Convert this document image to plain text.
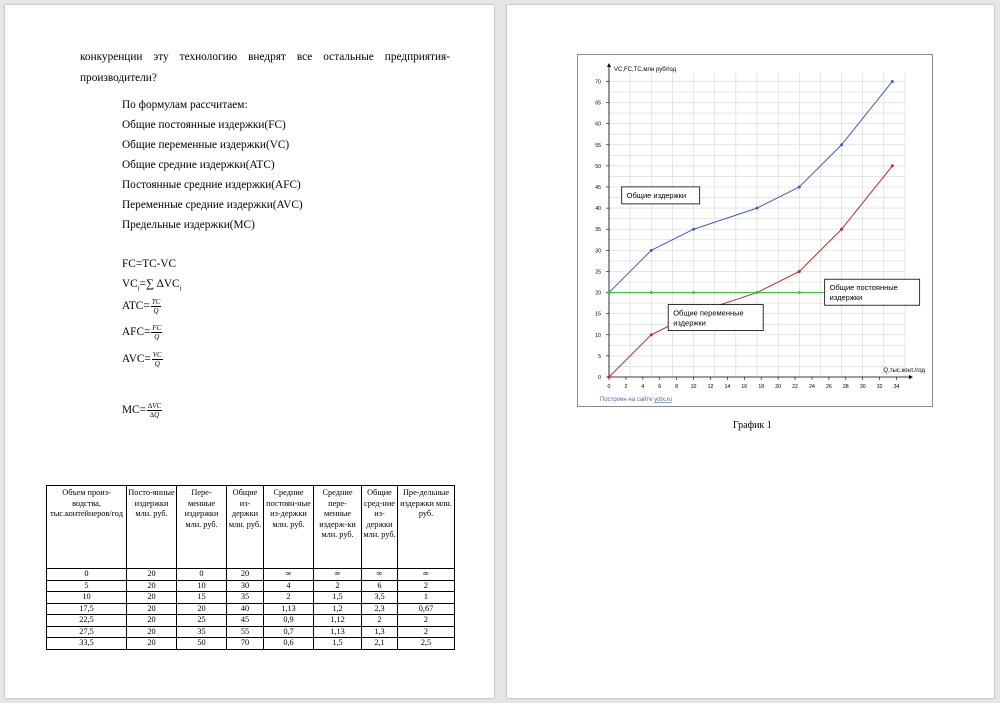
конкуренции эту технологию внедрят все остальные предприятия-
производители?
По формулам рассчитаем:
Общие постоянные издержки(FC)
Общие переменные издержки(VC)
Общие средние издержки(ATC)
Постоянные средние издержки(AFC)
Переменные средние издержки(AVC)
Предельные издержки(MC)
FC=TC-VC
$VC_i=\sum$ $\Delta VC_i$
$ATC= \frac{TC}{Q}$
$AFC= \frac{FC}{Q}$
$AVC= \frac{VC}{Q}$
$MC= \frac{\Delta VC}{\Delta Q}$
Объем произ-водства, тыс.контейнеров/год	Посто-янные издержки млн. руб.	Пере-менные издержки млн. руб.	Общие из-держки млн. руб.	Средние постоян-ные из-держки млн. руб.	Средние пере-менные издерж-ки млн. руб.	Общие сред-ние из-держки млн. руб.	Пре-дельные издержки млн. руб.
0	20	0	20	∞	∞	∞	∞
5	20	10	30	4	2	6	2
10	20	15	35	2	1,5	3,5	1
17,5	20	20	40	1,13	1,2	2,3	0,67
22,5	20	25	45	0,9	1,12	2	2
27,5	20	35	55	0,7	1,13	1,3	2
33,5	20	50	70	0,6	1,5	2,1	2,5
0	2	4	6	8 10 12 14 16 18 20 22 24 26 28 30 32 34
0
5
10
15
20
25
30
35
40
45
50
55
60
65
70
VC,FC,TC,млн руб/год
Q,тыс.конт./год
Общие издержки
Общие переменные
издержки
Общие постоянные
издержки
Построен на сайте yotx.ru
График 1
